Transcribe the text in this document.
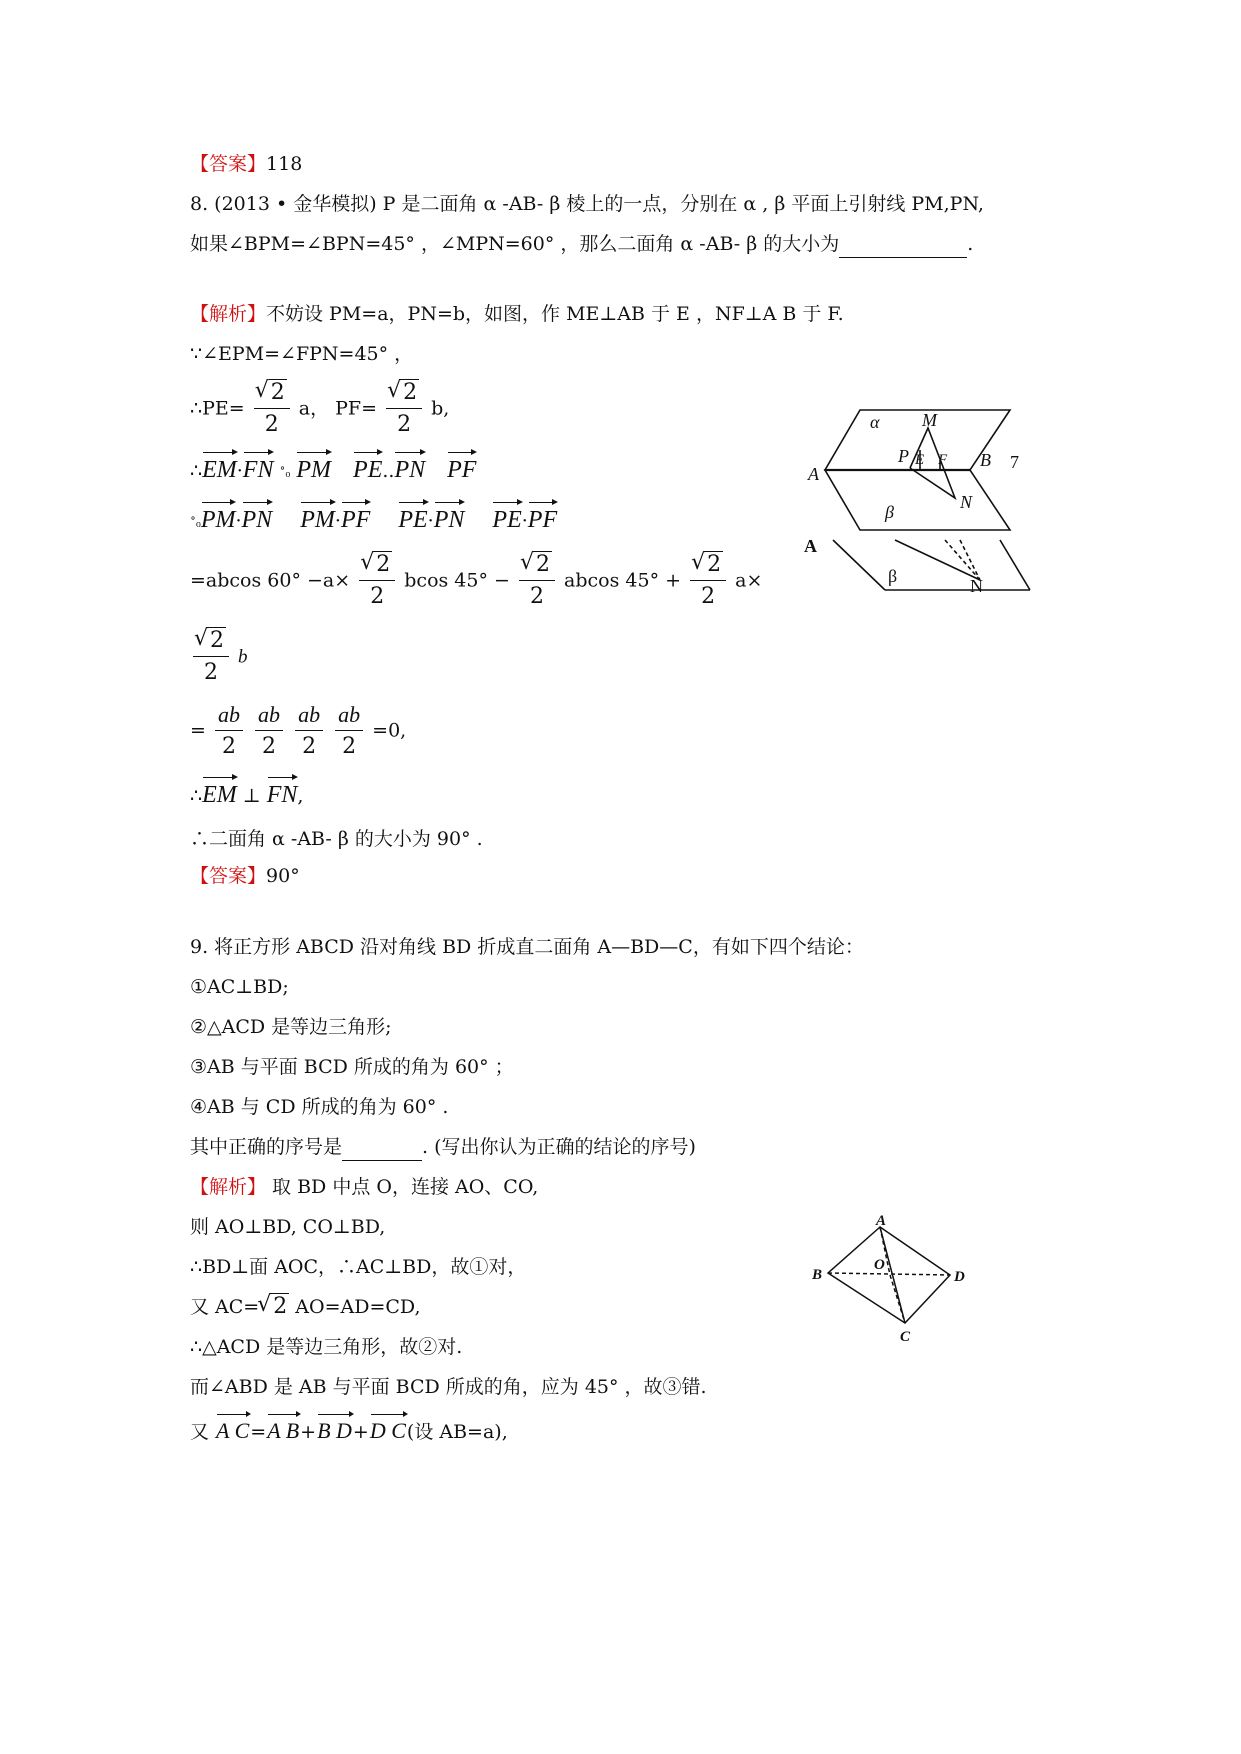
【答案】118
8. (2013 • 金华模拟) P 是二面角 α -AB- β 棱上的一点，分别在 α , β 平面上引射线 PM,PN,
如果∠BPM=∠BPN=45° ，∠MPN=60° ，那么二面角 α -AB- β 的大小为	.
【解析】不妨设 PM=a，PN=b，如图，作 ME⊥AB 于 E ，NF⊥A B 于 F.
∵∠EPM=∠FPN=45° ，
∴PE= √ $\frac{2}{2}$ a， PF= √ $\frac{2}{2} b$,
∴EM·FN ˚₀ PM PE..PN PF
˚₀PM·PN PM·PF PE·PN PE·PF
=abcos 60° −a× √ $\frac{2}{2}$ bcos 45° − √ $\frac{2}{2}$ abcos 45° + √ $\frac{2}{2} a\times$
√ $\frac{2}{2}$ b
= $\frac{ab}{2}$
$\frac{ab}{2}$
$\frac{ab}{2}$
$\frac{ab}{2} =0$,
∴EM ⊥ FN,
∴二面角 α -AB- β 的大小为 90° .
【答案】90°
9. 将正方形 ABCD 沿对角线 BD 折成直二面角 A—BD—C，有如下四个结论：
①AC⊥BD;
②△ACD 是等边三角形;
③AB 与平面 BCD 所成的角为 60° ；
④AB 与 CD 所成的角为 60° .
其中正确的序号是	. (写出你认为正确的结论的序号)
【解析】 取 BD 中点 O，连接 AO、CO,
则 AO⊥BD, CO⊥BD,
∴BD⊥面 AOC，∴AC⊥BD，故①对，
又 AC= √ 2 AO=AD=CD,
∴△ACD 是等边三角形，故②对.
而∠ABD 是 AB 与平面 BCD 所成的角，应为 45° ，故③错.
又 A C=A B+B D+D C(设 AB=a),
α M
P E F B
A
N
β
7
A
β	N
A
B
O
D
C
